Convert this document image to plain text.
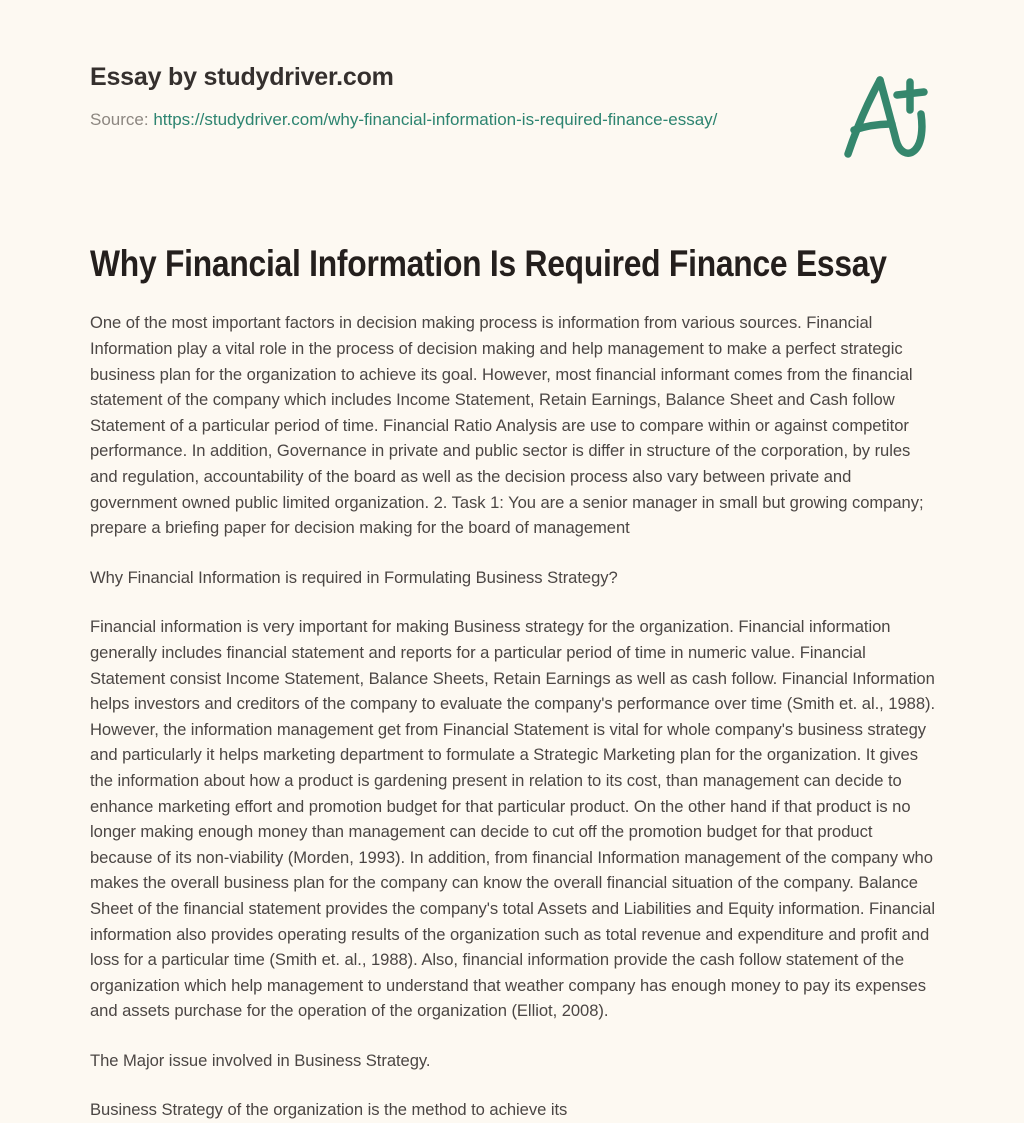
Essay by studydriver.com
Source: https://studydriver.com/why-financial-information-is-required-finance-essay/
Why Financial Information Is Required Finance Essay

One of the most important factors in decision making process is information from various sources. Financial Information play a vital role in the process of decision making and help management to make a perfect strategic business plan for the organization to achieve its goal. However, most financial informant comes from the financial statement of the company which includes Income Statement, Retain Earnings, Balance Sheet and Cash follow Statement of a particular period of time. Financial Ratio Analysis are use to compare within or against competitor performance. In addition, Governance in private and public sector is differ in structure of the corporation, by rules and regulation, accountability of the board as well as the decision process also vary between private and government owned public limited organization. 2. Task 1: You are a senior manager in small but growing company; prepare a briefing paper for decision making for the board of management

Why Financial Information is required in Formulating Business Strategy?

Financial information is very important for making Business strategy for the organization. Financial information generally includes financial statement and reports for a particular period of time in numeric value. Financial Statement consist Income Statement, Balance Sheets, Retain Earnings as well as cash follow. Financial Information helps investors and creditors of the company to evaluate the company's performance over time (Smith et. al., 1988). However, the information management get from Financial Statement is vital for whole company's business strategy and particularly it helps marketing department to formulate a Strategic Marketing plan for the organization. It gives the information about how a product is gardening present in relation to its cost, than management can decide to enhance marketing effort and promotion budget for that particular product. On the other hand if that product is no longer making enough money than management can decide to cut off the promotion budget for that product because of its non-viability (Morden, 1993). In addition, from financial Information management of the company who makes the overall business plan for the company can know the overall financial situation of the company. Balance Sheet of the financial statement provides the company's total Assets and Liabilities and Equity information. Financial information also provides operating results of the organization such as total revenue and expenditure and profit and loss for a particular time (Smith et. al., 1988). Also, financial information provide the cash follow statement of the organization which help management to understand that weather company has enough money to pay its expenses and assets purchase for the operation of the organization (Elliot, 2008).

The Major issue involved in Business Strategy.

Business Strategy of the organization is the method to achieve its
